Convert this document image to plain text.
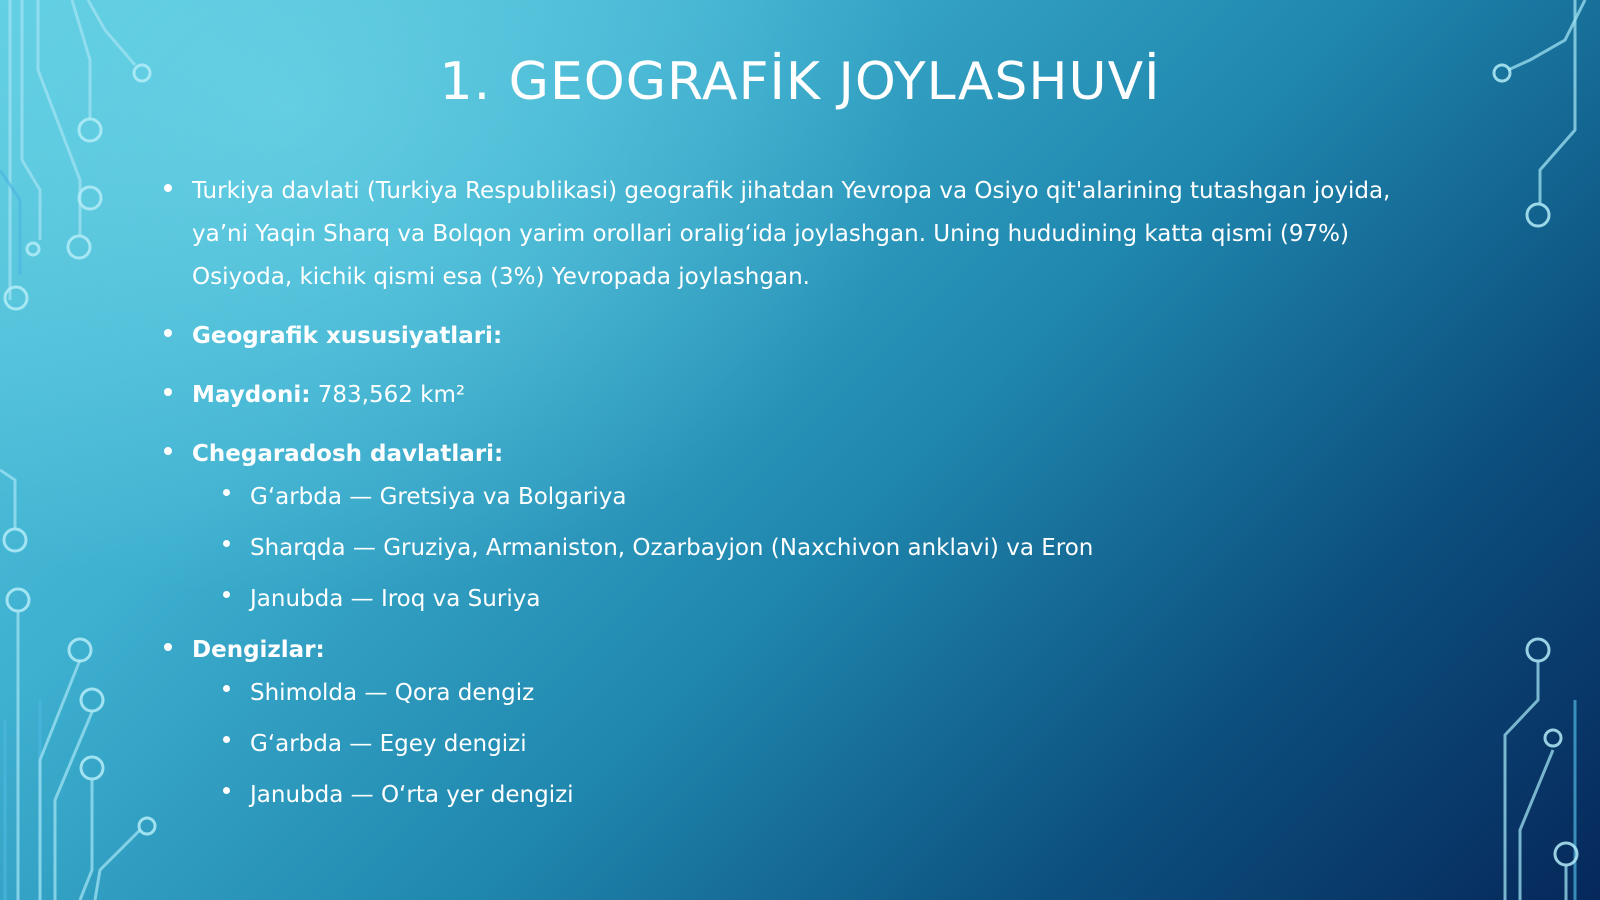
1. GEOGRAFİK JOYLASHUVİ
Turkiya davlati (Turkiya Respublikasi) geografik jihatdan Yevropa va Osiyo qit'alarining tutashgan joyida, ya’ni Yaqin Sharq va Bolqon yarim orollari oralig‘ida joylashgan. Uning hududining katta qismi (97%) Osiyoda, kichik qismi esa (3%) Yevropada joylashgan.
Geografik xususiyatlari:
Maydoni: 783,562 km²
Chegaradosh davlatlari:
G‘arbda — Gretsiya va Bolgariya
Sharqda — Gruziya, Armaniston, Ozarbayjon (Naxchivon anklavi) va Eron
Janubda — Iroq va Suriya
Dengizlar:
Shimolda — Qora dengiz
G‘arbda — Egey dengizi
Janubda — O‘rta yer dengizi
